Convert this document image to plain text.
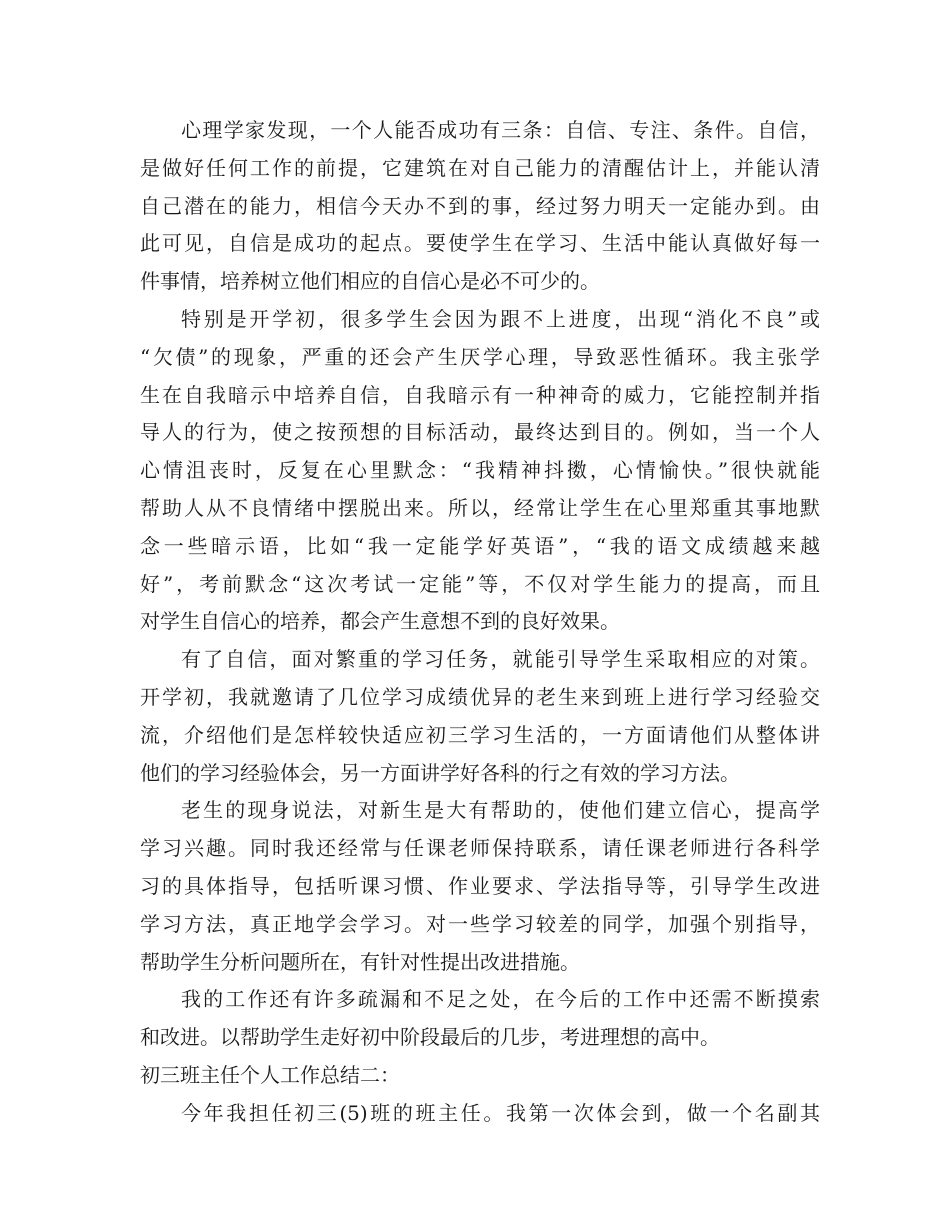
心理学家发现，一个人能否成功有三条：自信、专注、条件。自信，
是做好任何工作的前提，它建筑在对自己能力的清醒估计上，并能认清
自己潜在的能力，相信今天办不到的事，经过努力明天一定能办到。由
此可见，自信是成功的起点。要使学生在学习、生活中能认真做好每一
件事情，培养树立他们相应的自信心是必不可少的。
特别是开学初，很多学生会因为跟不上进度，出现“消化不良”或
“欠债”的现象，严重的还会产生厌学心理，导致恶性循环。我主张学
生在自我暗示中培养自信，自我暗示有一种神奇的威力，它能控制并指
导人的行为，使之按预想的目标活动，最终达到目的。例如，当一个人
心情沮丧时，反复在心里默念：“我精神抖擞，心情愉快。”很快就能
帮助人从不良情绪中摆脱出来。所以，经常让学生在心里郑重其事地默
念一些暗示语，比如“我一定能学好英语”，“我的语文成绩越来越
好”，考前默念“这次考试一定能”等，不仅对学生能力的提高，而且
对学生自信心的培养，都会产生意想不到的良好效果。
有了自信，面对繁重的学习任务，就能引导学生采取相应的对策。
开学初，我就邀请了几位学习成绩优异的老生来到班上进行学习经验交
流，介绍他们是怎样较快适应初三学习生活的，一方面请他们从整体讲
他们的学习经验体会，另一方面讲学好各科的行之有效的学习方法。
老生的现身说法，对新生是大有帮助的，使他们建立信心，提高学
学习兴趣。同时我还经常与任课老师保持联系，请任课老师进行各科学
习的具体指导，包括听课习惯、作业要求、学法指导等，引导学生改进
学习方法，真正地学会学习。对一些学习较差的同学，加强个别指导，
帮助学生分析问题所在，有针对性提出改进措施。
我的工作还有许多疏漏和不足之处，在今后的工作中还需不断摸索
和改进。以帮助学生走好初中阶段最后的几步，考进理想的高中。
初三班主任个人工作总结二：
今年我担任初三(5)班的班主任。我第一次体会到，做一个名副其
